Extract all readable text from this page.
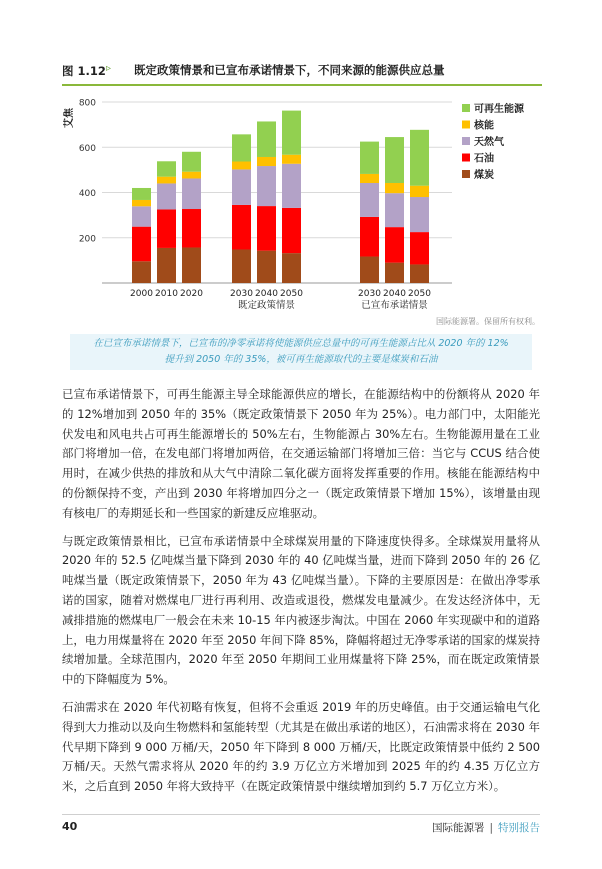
图 1.12 ▹ 既定政策情景和已宣布承诺情景下，不同来源的能源供应总量
200
400
600
800
艾焦
2000 2010 2020	2030 2040 2050
既定政策情景
2030 2040 2050
已宣布承诺情景
可再生能源
核能
天然气
石油
煤炭
国际能源署。保留所有权利。
在已宣布承诺情景下，已宣布的净零承诺将使能源供应总量中的可再生能源占比从 2020 年的 12%
提升到 2050 年的 35%，被可再生能源取代的主要是煤炭和石油

已宣布承诺情景下，可再生能源主导全球能源供应的增长，在能源结构中的份额将从 2020 年的 12%增加到 2050 年的 35%（既定政策情景下 2050 年为 25%）。电力部门中，太阳能光伏发电和风电共占可再生能源增长的 50%左右，生物能源占 30%左右。生物能源用量在工业部门将增加一倍，在发电部门将增加两倍，在交通运输部门将增加三倍：当它与 CCUS 结合使用时，在减少供热的排放和从大气中清除二氧化碳方面将发挥重要的作用。核能在能源结构中的份额保持不变，产出到 2030 年将增加四分之一（既定政策情景下增加 15%），该增量由现有核电厂的寿期延长和一些国家的新建反应堆驱动。

与既定政策情景相比，已宣布承诺情景中全球煤炭用量的下降速度快得多。全球煤炭用量将从 2020 年的 52.5 亿吨煤当量下降到 2030 年的 40 亿吨煤当量，进而下降到 2050 年的 26 亿吨煤当量（既定政策情景下，2050 年为 43 亿吨煤当量）。下降的主要原因是：在做出净零承诺的国家，随着对燃煤电厂进行再利用、改造或退役，燃煤发电量减少。在发达经济体中，无减排措施的燃煤电厂一般会在未来 10-15 年内被逐步淘汰。中国在 2060 年实现碳中和的道路上，电力用煤量将在 2020 年至 2050 年间下降 85%，降幅将超过无净零承诺的国家的煤炭持续增加量。全球范围内，2020 年至 2050 年期间工业用煤量将下降 25%，而在既定政策情景中的下降幅度为 5%。

石油需求在 2020 年代初略有恢复，但将不会重返 2019 年的历史峰值。由于交通运输电气化得到大力推动以及向生物燃料和氢能转型（尤其是在做出承诺的地区），石油需求将在 2030 年代早期下降到 9 000 万桶/天，2050 年下降到 8 000 万桶/天，比既定政策情景中低约 2 500 万桶/天。天然气需求将从 2020 年的约 3.9 万亿立方米增加到 2025 年的约 4.35 万亿立方米，之后直到 2050 年将大致持平（在既定政策情景中继续增加到约 5.7 万亿立方米）。

40	国际能源署 | 特别报告
